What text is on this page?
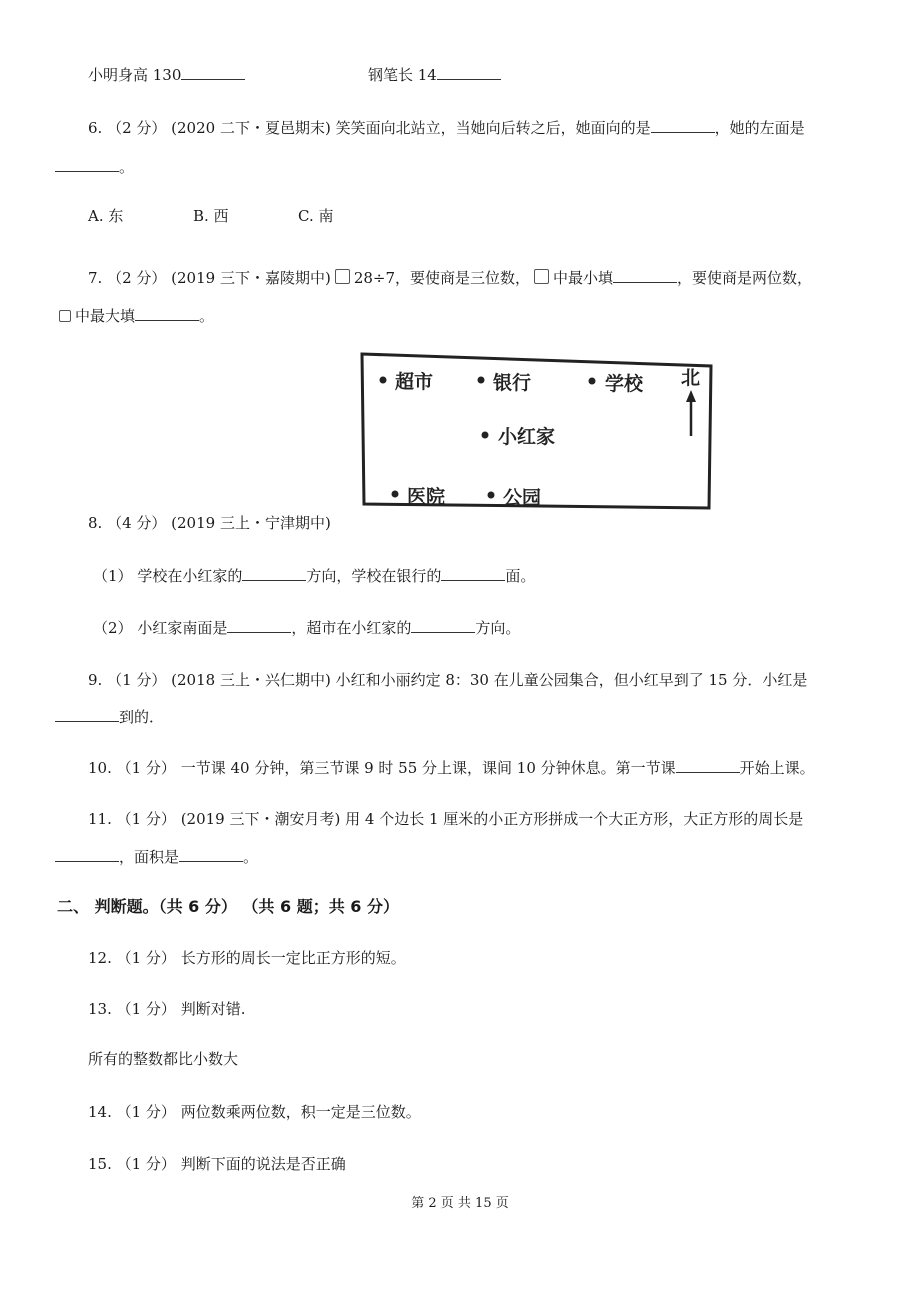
小明身高 130	钢笔长 14
6. （2 分） (2020 二下・夏邑期末) 笑笑面向北站立，当她向后转之后，她面向的是	，她的左面是
。
A. 东	B. 西	C. 南
7. （2 分） (2019 三下・嘉陵期中) 28÷7，要使商是三位数， 中最小填	，要使商是两位数，
中最大填	。
超市	银行	学校 北
小红家
医院	公园
8. （4 分） (2019 三上・宁津期中)
（1） 学校在小红家的	方向，学校在银行的	面。
（2） 小红家南面是	，超市在小红家的	方向。
9. （1 分） (2018 三上・兴仁期中) 小红和小丽约定 8：30 在儿童公园集合，但小红早到了 15 分．小红是
到的．
10. （1 分） 一节课 40 分钟，第三节课 9 时 55 分上课，课间 10 分钟休息。第一节课	开始上课。
11. （1 分） (2019 三下・潮安月考) 用 4 个边长 1 厘米的小正方形拼成一个大正方形，大正方形的周长是
，面积是	。
二、 判断题。（共 6 分） （共 6 题；共 6 分）
12. （1 分） 长方形的周长一定比正方形的短。
13. （1 分） 判断对错.
所有的整数都比小数大
14. （1 分） 两位数乘两位数，积一定是三位数。
15. （1 分） 判断下面的说法是否正确
第 2 页 共 15 页
